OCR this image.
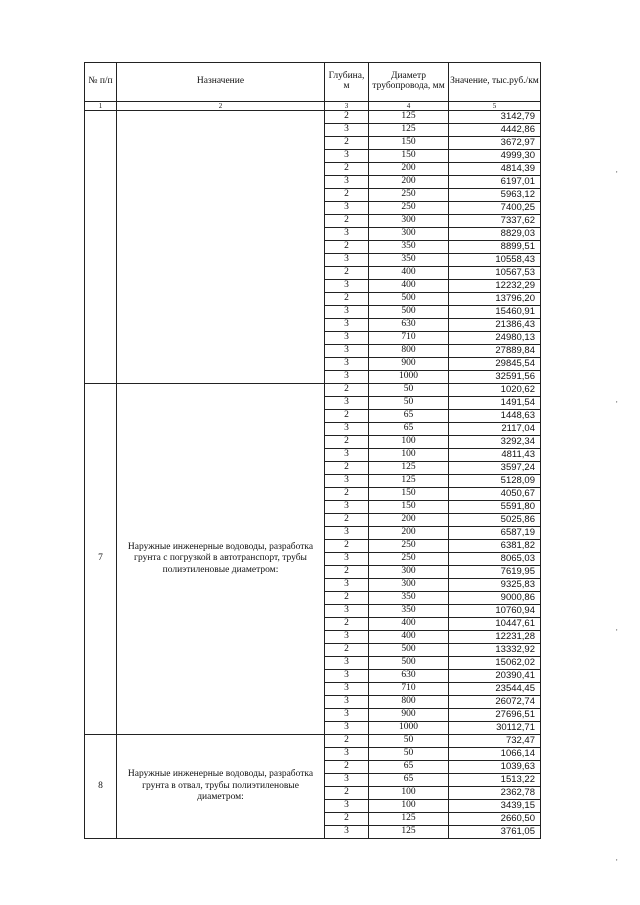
№ п/п	Назначение	Глубина, м	Диаметр трубопровода, мм	Значение, тыс.руб./км
1	2	3	4	5
		2	125	3142,79
		3	125	4442,86
		2	150	3672,97
		3	150	4999,30
		2	200	4814,39
		3	200	6197,01
		2	250	5963,12
		3	250	7400,25
		2	300	7337,62
		3	300	8829,03
		2	350	8899,51
		3	350	10558,43
		2	400	10567,53
		3	400	12232,29
		2	500	13796,20
		3	500	15460,91
		3	630	21386,43
		3	710	24980,13
		3	800	27889,84
		3	900	29845,54
		3	1000	32591,56
7	Наружные инженерные водоводы, разработка грунта с погрузкой в автотранспорт, трубы полиэтиленовые диаметром:	2	50	1020,62
		3	50	1491,54
		2	65	1448,63
		3	65	2117,04
		2	100	3292,34
		3	100	4811,43
		2	125	3597,24
		3	125	5128,09
		2	150	4050,67
		3	150	5591,80
		2	200	5025,86
		3	200	6587,19
		2	250	6381,82
		3	250	8065,03
		2	300	7619,95
		3	300	9325,83
		2	350	9000,86
		3	350	10760,94
		2	400	10447,61
		3	400	12231,28
		2	500	13332,92
		3	500	15062,02
		3	630	20390,41
		3	710	23544,45
		3	800	26072,74
		3	900	27696,51
		3	1000	30112,71
8	Наружные инженерные водоводы, разработка грунта в отвал, трубы полиэтиленовые диаметром:	2	50	732,47
		3	50	1066,14
		2	65	1039,63
		3	65	1513,22
		2	100	2362,78
		3	100	3439,15
		2	125	2660,50
		3	125	3761,05
'
'
'
'
